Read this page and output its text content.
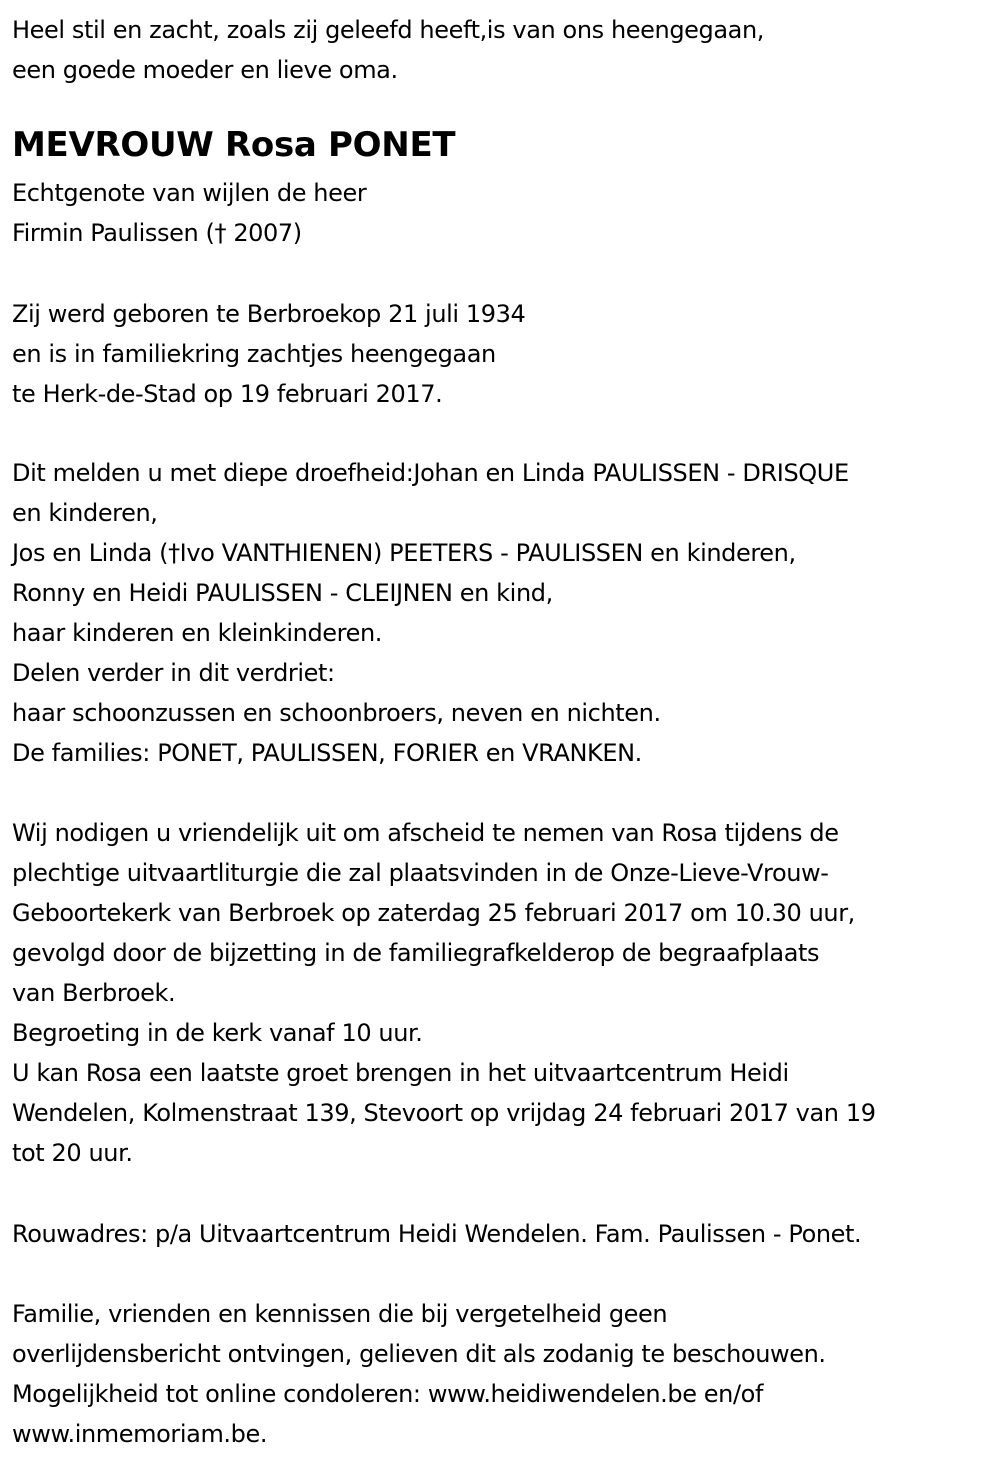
Heel stil en zacht, zoals zij geleefd heeft,is van ons heengegaan,
een goede moeder en lieve oma.
MEVROUW Rosa PONET
Echtgenote van wijlen de heer
Firmin Paulissen († 2007)
Zij werd geboren te Berbroekop 21 juli 1934
en is in familiekring zachtjes heengegaan
te Herk-de-Stad op 19 februari 2017.
Dit melden u met diepe droefheid:Johan en Linda PAULISSEN - DRISQUE
en kinderen,
Jos en Linda (†Ivo VANTHIENEN) PEETERS - PAULISSEN en kinderen,
Ronny en Heidi PAULISSEN - CLEIJNEN en kind,
haar kinderen en kleinkinderen.
Delen verder in dit verdriet:
haar schoonzussen en schoonbroers, neven en nichten.
De families: PONET, PAULISSEN, FORIER en VRANKEN.
Wij nodigen u vriendelijk uit om afscheid te nemen van Rosa tijdens de
plechtige uitvaartliturgie die zal plaatsvinden in de Onze-Lieve-Vrouw-
Geboortekerk van Berbroek op zaterdag 25 februari 2017 om 10.30 uur,
gevolgd door de bijzetting in de familiegrafkelderop de begraafplaats
van Berbroek.
Begroeting in de kerk vanaf 10 uur.
U kan Rosa een laatste groet brengen in het uitvaartcentrum Heidi
Wendelen, Kolmenstraat 139, Stevoort op vrijdag 24 februari 2017 van 19
tot 20 uur.
Rouwadres: p/a Uitvaartcentrum Heidi Wendelen. Fam. Paulissen - Ponet.
Familie, vrienden en kennissen die bij vergetelheid geen
overlijdensbericht ontvingen, gelieven dit als zodanig te beschouwen.
Mogelijkheid tot online condoleren: www.heidiwendelen.be en/of
www.inmemoriam.be.
